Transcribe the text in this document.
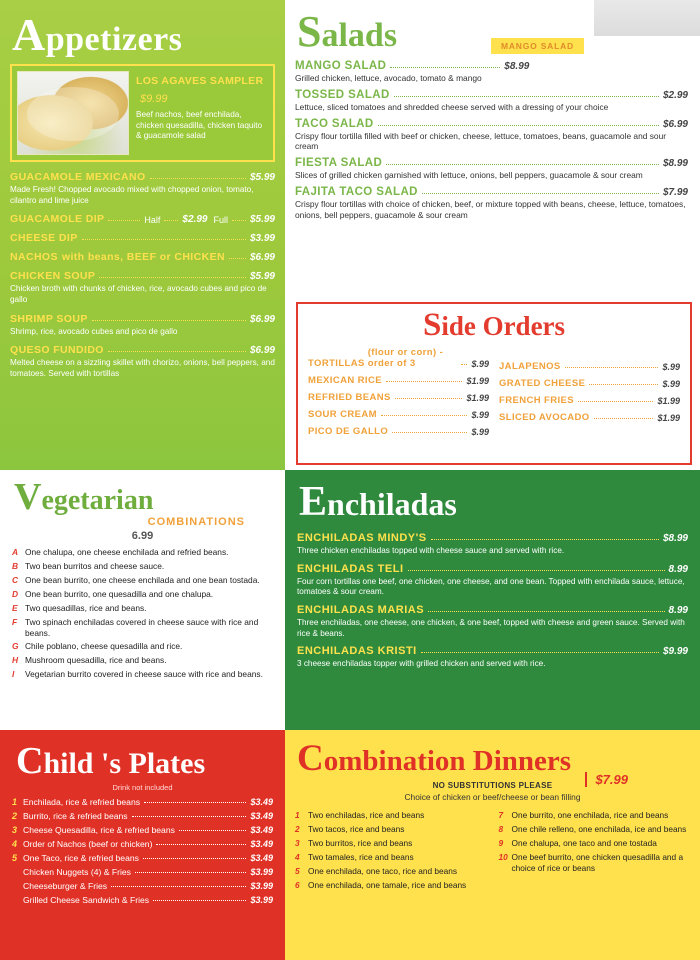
Appetizers
LOS AGAVES SAMPLER$9.99
Beef nachos, beef enchilada, chicken quesadilla, chicken taquito & guacamole salad
GUACAMOLE MEXICANO	$5.99
Made Fresh! Chopped avocado mixed with chopped onion, tomato, cilantro and lime juice
GUACAMOLE DIP	Half $2.99 Full $5.99
CHEESE DIP	$3.99
NACHOS with beans, BEEF or CHICKEN $6.99
CHICKEN SOUP	$5.99
Chicken broth with chunks of chicken, rice, avocado cubes and pico de gallo
SHRIMP SOUP	$6.99
Shrimp, rice, avocado cubes and pico de gallo
QUESO FUNDIDO	$6.99
Melted cheese on a sizzling skillet with chorizo, onions, bell peppers, and tomatoes. Served with tortillas
Salads	MANGO SALAD
MANGO SALAD	$8.99
Grilled chicken, lettuce, avocado, tomato & mango
TOSSED SALAD	$2.99
Lettuce, sliced tomatoes and shredded cheese served with a dressing of your choice
TACO SALAD	$6.99
Crispy flour tortilla filled with beef or chicken, cheese, lettuce, tomatoes, beans, guacamole and sour cream
FIESTA SALAD	$8.99
Slices of grilled chicken garnished with lettuce, onions, bell peppers, guacamole & sour cream
FAJITA TACO SALAD	$7.99
Crispy flour tortillas with choice of chicken, beef, or mixture topped with beans, cheese, lettuce, tomatoes, onions, bell peppers, guacamole & sour cream
Side Orders
TORTILLAS
(flour or corn) - order of 3	$.99
MEXICAN RICE	$1.99
REFRIED BEANS	$1.99
SOUR CREAM	$.99
PICO DE GALLO	$.99
JALAPENOS	$.99
GRATED CHEESE	$.99
FRENCH FRIES	$1.99
SLICED AVOCADO	$1.99
Vegetarian
COMBINATIONS
6.99
A One chalupa, one cheese enchilada and refried beans.
B Two bean burritos and cheese sauce.
C One bean burrito, one cheese enchilada and one bean tostada.
D One bean burrito, one quesadilla and one chalupa.
E Two quesadillas, rice and beans.
F Two spinach enchiladas covered in cheese sauce with rice and beans.
G Chile poblano, cheese quesadilla and rice.
H Mushroom quesadilla, rice and beans.
I	Vegetarian burrito covered in cheese sauce with rice and beans.
Enchiladas
ENCHILADAS MINDY'S	$8.99
Three chicken enchiladas topped with cheese sauce and served with rice.
ENCHILADAS TELI	8.99
Four corn tortillas one beef, one chicken, one cheese, and one bean. Topped with enchilada sauce, lettuce, tomatoes & sour cream.
ENCHILADAS MARIAS	8.99
Three enchiladas, one cheese, one chicken, & one beef, topped with cheese and green sauce. Served with rice & beans.
ENCHILADAS KRISTI	$9.99
3 cheese enchiladas topper with grilled chicken and served with rice.
Child 's Plates
Drink not included
1 Enchilada, rice & refried beans	$3.49
2 Burrito, rice & refried beans	$3.49
3 Cheese Quesadilla, rice & refried beans	$3.49
4 Order of Nachos (beef or chicken)	$3.49
5 One Taco, rice & refried beans	$3.49
Chicken Nuggets (4) & Fries	$3.99
Cheeseburger & Fries	$3.99
Grilled Cheese Sandwich & Fries	$3.99
Combination Dinners
NO SUBSTITUTIONS PLEASE	$7.99
Choice of chicken or beef/cheese or bean filling
1	Two enchiladas, rice and beans
2	Two tacos, rice and beans
3	Two burritos, rice and beans
4	Two tamales, rice and beans
5	One enchilada, one taco, rice and beans
6	One enchilada, one tamale, rice and beans
7	One burrito, one enchilada, rice and beans
8	One chile relleno, one enchilada, ice and beans
9	One chalupa, one taco and one tostada
10 One beef burrito, one chicken quesadilla and a choice of rice or beans
